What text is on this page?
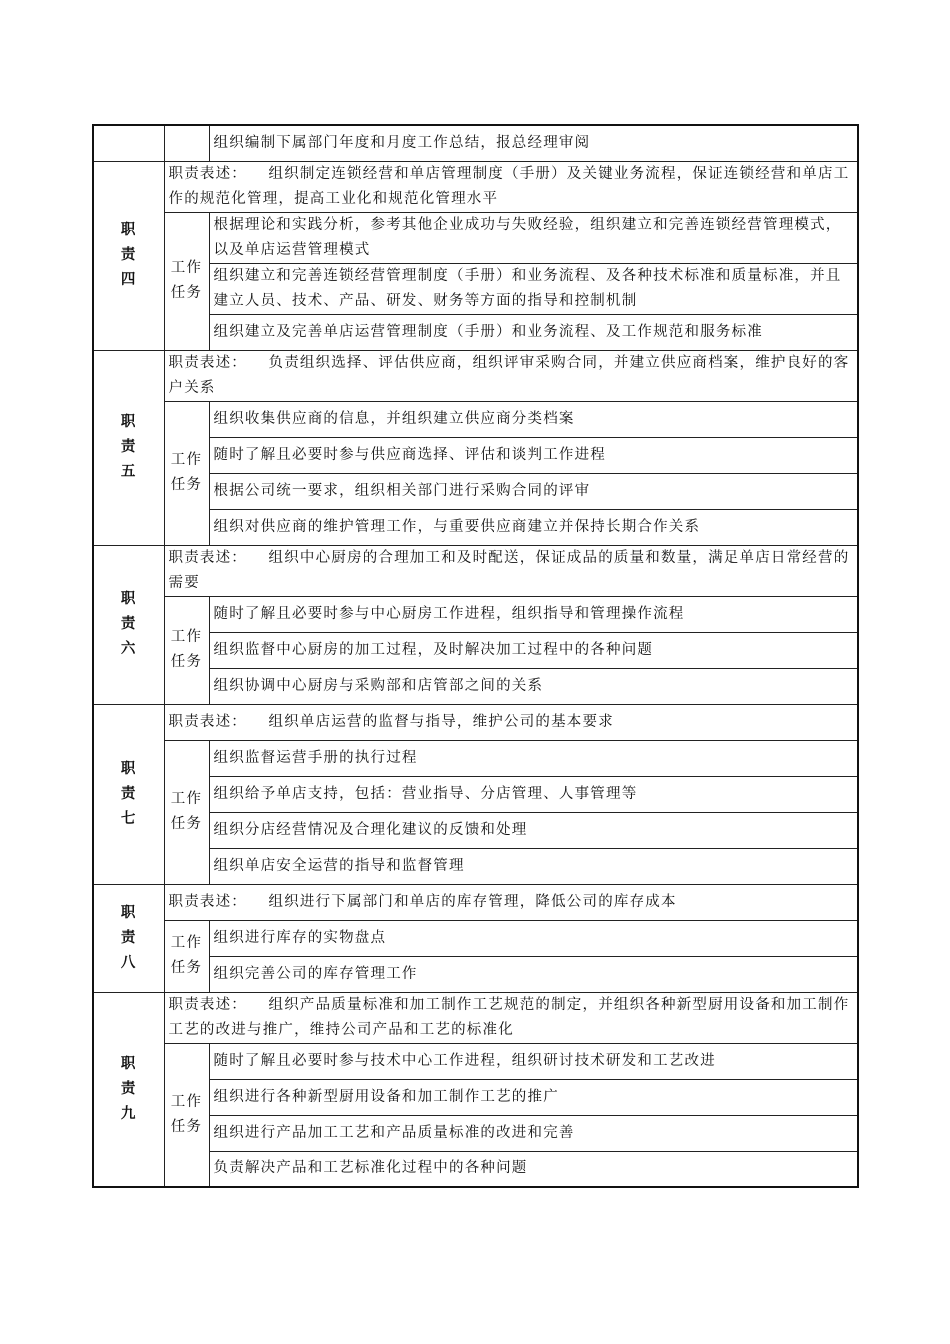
		组织编制下属部门年度和月度工作总结，报总经理审阅
职责四	职责表述： 组织制定连锁经营和单店管理制度（手册）及关键业务流程，保证连锁经营和单店工作的规范化管理，提高工业化和规范化管理水平	
	工作任务	根据理论和实践分析，参考其他企业成功与失败经验，组织建立和完善连锁经营管理模式，以及单店运营管理模式
		组织建立和完善连锁经营管理制度（手册）和业务流程、及各种技术标准和质量标准，并且建立人员、技术、产品、研发、财务等方面的指导和控制机制
		组织建立及完善单店运营管理制度（手册）和业务流程、及工作规范和服务标准
职责五	职责表述： 负责组织选择、评估供应商，组织评审采购合同，并建立供应商档案，维护良好的客户关系	
	工作任务	组织收集供应商的信息，并组织建立供应商分类档案
		随时了解且必要时参与供应商选择、评估和谈判工作进程
		根据公司统一要求，组织相关部门进行采购合同的评审
		组织对供应商的维护管理工作，与重要供应商建立并保持长期合作关系
职责六	职责表述： 组织中心厨房的合理加工和及时配送，保证成品的质量和数量，满足单店日常经营的需要	
	工作任务	随时了解且必要时参与中心厨房工作进程，组织指导和管理操作流程
		组织监督中心厨房的加工过程，及时解决加工过程中的各种问题
		组织协调中心厨房与采购部和店管部之间的关系
职责七	职责表述： 组织单店运营的监督与指导，维护公司的基本要求	
	工作任务	组织监督运营手册的执行过程
		组织给予单店支持，包括：营业指导、分店管理、人事管理等
		组织分店经营情况及合理化建议的反馈和处理
		组织单店安全运营的指导和监督管理
职责八	职责表述： 组织进行下属部门和单店的库存管理，降低公司的库存成本	
	工作任务	组织进行库存的实物盘点
		组织完善公司的库存管理工作
职责九	职责表述： 组织产品质量标准和加工制作工艺规范的制定，并组织各种新型厨用设备和加工制作工艺的改进与推广，维持公司产品和工艺的标准化	
	工作任务	随时了解且必要时参与技术中心工作进程，组织研讨技术研发和工艺改进
		组织进行各种新型厨用设备和加工制作工艺的推广
		组织进行产品加工工艺和产品质量标准的改进和完善
		负责解决产品和工艺标准化过程中的各种问题
